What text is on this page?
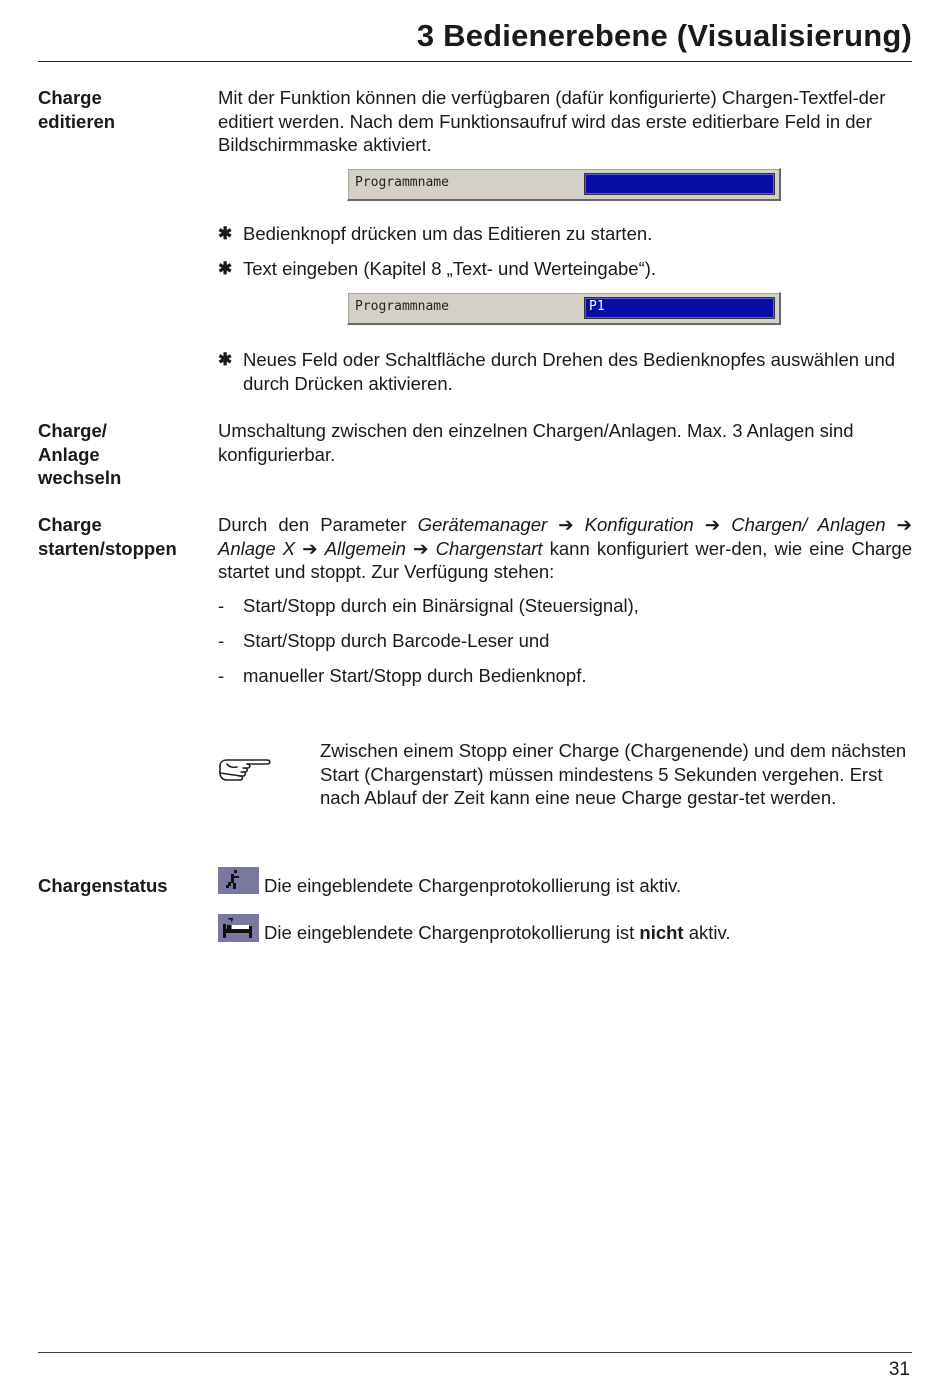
3 Bedienerebene (Visualisierung)
Charge
editieren
Mit der Funktion können die verfügbaren (dafür konfigurierte) Chargen-Textfel-der editiert werden. Nach dem Funktionsaufruf wird das erste editierbare Feld in der Bildschirmmaske aktiviert.
Programmname
✱ Bedienknopf drücken um das Editieren zu starten.
✱ Text eingeben (Kapitel 8 „Text- und Werteingabe“).
Programmname	P1
✱ Neues Feld oder Schaltfläche durch Drehen des Bedienknopfes auswählen und durch Drücken aktivieren.
Charge/
Anlage
wechseln
Umschaltung zwischen den einzelnen Chargen/Anlagen. Max. 3 Anlagen sind konfigurierbar.
Charge
starten/stoppen
Durch den Parameter Gerätemanager ➔ Konfiguration ➔ Chargen/ Anlagen ➔ Anlage X ➔ Allgemein ➔ Chargenstart kann konfiguriert wer-den, wie eine Charge startet und stoppt. Zur Verfügung stehen:
- Start/Stopp durch ein Binärsignal (Steuersignal),
- Start/Stopp durch Barcode-Leser und
- manueller Start/Stopp durch Bedienknopf.
Zwischen einem Stopp einer Charge (Chargenende) und dem nächsten Start (Chargenstart) müssen mindestens 5 Sekunden vergehen. Erst nach Ablauf der Zeit kann eine neue Charge gestar-tet werden.
Chargenstatus	Die eingeblendete Chargenprotokollierung ist aktiv.
Die eingeblendete Chargenprotokollierung ist nicht aktiv.
31
